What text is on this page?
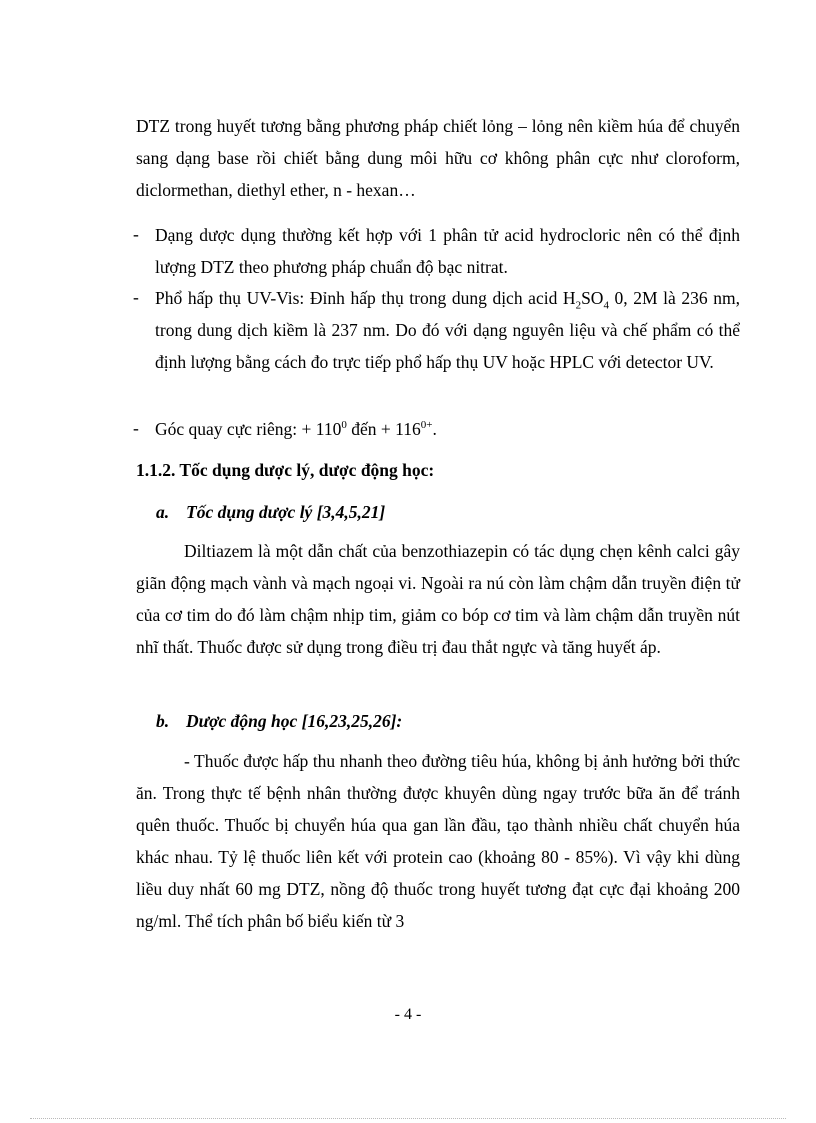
DTZ trong huyết tương bằng phương pháp chiết lỏng – lỏng nên kiềm húa để chuyển sang dạng base rồi chiết bằng dung môi hữu cơ không phân cực như cloroform, diclormethan, diethyl ether, n - hexan…

- Dạng dược dụng thường kết hợp với 1 phân tử acid hydrocloric nên có thể định lượng DTZ theo phương pháp chuẩn độ bạc nitrat.

- Phổ hấp thụ UV-Vis: Đỉnh hấp thụ trong dung dịch acid $H_2SO_4$ 0, 2M là 236 nm, trong dung dịch kiềm là 237 nm. Do đó với dạng nguyên liệu và chế phẩm có thể định lượng bằng cách đo trực tiếp phổ hấp thụ UV hoặc HPLC với detector UV.

- Góc quay cực riêng: + $110^0$ đến + $116^{0+}$.

1.1.2. Tốc dụng dược lý, dược động học:
a. Tốc dụng dược lý [3,4,5,21]

Diltiazem là một dẫn chất của benzothiazepin có tác dụng chẹn kênh calci gây giãn động mạch vành và mạch ngoại vi. Ngoài ra nú còn làm chậm dẫn truyền điện tử của cơ tim do đó làm chậm nhịp tim, giảm co bóp cơ tim và làm chậm dẫn truyền nút nhĩ thất. Thuốc được sử dụng trong điều trị đau thắt ngực và tăng huyết áp.

b. Dược động học [16,23,25,26]:

- Thuốc được hấp thu nhanh theo đường tiêu húa, không bị ảnh hưởng bởi thức ăn. Trong thực tế bệnh nhân thường được khuyên dùng ngay trước bữa ăn để tránh quên thuốc. Thuốc bị chuyển húa qua gan lần đầu, tạo thành nhiều chất chuyển húa khác nhau. Tỷ lệ thuốc liên kết với protein cao (khoảng 80 - 85%). Vì vậy khi dùng liều duy nhất 60 mg DTZ, nồng độ thuốc trong huyết tương đạt cực đại khoảng 200 ng/ml. Thể tích phân bố biểu kiến từ 3

- 4 -
